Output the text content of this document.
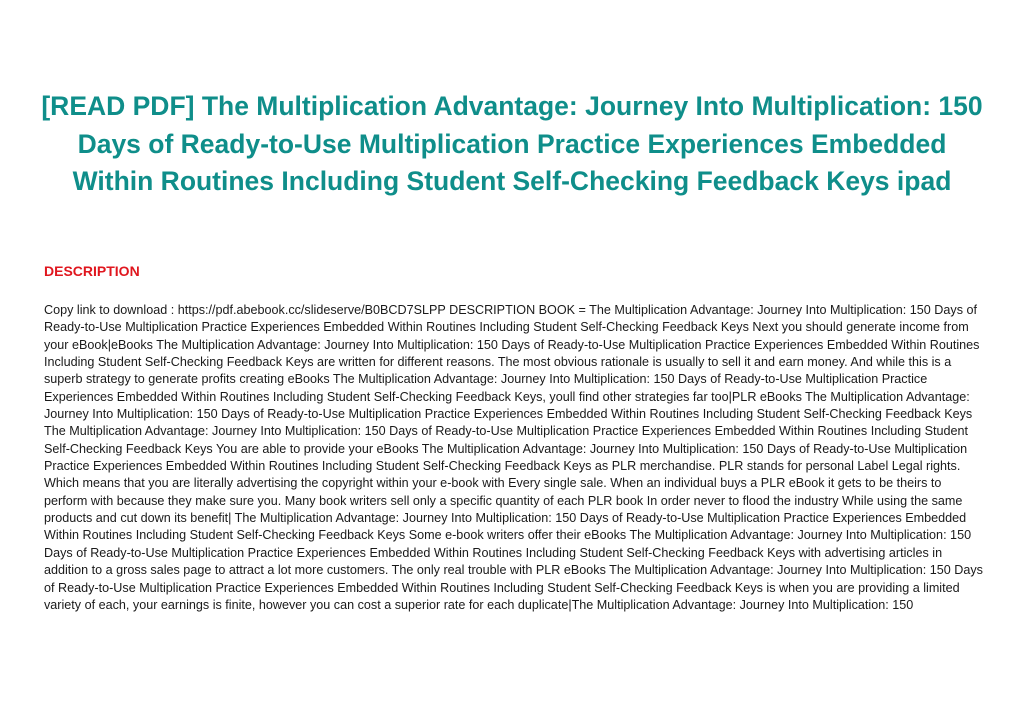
[READ PDF] The Multiplication Advantage: Journey Into Multiplication: 150 Days of Ready-to-Use Multiplication Practice Experiences Embedded Within Routines Including Student Self-Checking Feedback Keys ipad
DESCRIPTION

Copy link to download : https://pdf.abebook.cc/slideserve/B0BCD7SLPP DESCRIPTION BOOK = The Multiplication Advantage: Journey Into Multiplication: 150 Days of Ready-to-Use Multiplication Practice Experiences Embedded Within Routines Including Student Self-Checking Feedback Keys Next you should generate income from your eBook|eBooks The Multiplication Advantage: Journey Into Multiplication: 150 Days of Ready-to-Use Multiplication Practice Experiences Embedded Within Routines Including Student Self-Checking Feedback Keys are written for different reasons. The most obvious rationale is usually to sell it and earn money. And while this is a superb strategy to generate profits creating eBooks The Multiplication Advantage: Journey Into Multiplication: 150 Days of Ready-to-Use Multiplication Practice Experiences Embedded Within Routines Including Student Self-Checking Feedback Keys, youll find other strategies far too|PLR eBooks The Multiplication Advantage: Journey Into Multiplication: 150 Days of Ready-to-Use Multiplication Practice Experiences Embedded Within Routines Including Student Self-Checking Feedback Keys The Multiplication Advantage: Journey Into Multiplication: 150 Days of Ready-to-Use Multiplication Practice Experiences Embedded Within Routines Including Student Self-Checking Feedback Keys You are able to provide your eBooks The Multiplication Advantage: Journey Into Multiplication: 150 Days of Ready-to-Use Multiplication Practice Experiences Embedded Within Routines Including Student Self-Checking Feedback Keys as PLR merchandise. PLR stands for personal Label Legal rights. Which means that you are literally advertising the copyright within your e-book with Every single sale. When an individual buys a PLR eBook it gets to be theirs to perform with because they make sure you. Many book writers sell only a specific quantity of each PLR book In order never to flood the industry While using the same products and cut down its benefit| The Multiplication Advantage: Journey Into Multiplication: 150 Days of Ready-to-Use Multiplication Practice Experiences Embedded Within Routines Including Student Self-Checking Feedback Keys Some e-book writers offer their eBooks The Multiplication Advantage: Journey Into Multiplication: 150 Days of Ready-to-Use Multiplication Practice Experiences Embedded Within Routines Including Student Self-Checking Feedback Keys with advertising articles in addition to a gross sales page to attract a lot more customers. The only real trouble with PLR eBooks The Multiplication Advantage: Journey Into Multiplication: 150 Days of Ready-to-Use Multiplication Practice Experiences Embedded Within Routines Including Student Self-Checking Feedback Keys is when you are providing a limited variety of each, your earnings is finite, however you can cost a superior rate for each duplicate|The Multiplication Advantage: Journey Into Multiplication: 150
